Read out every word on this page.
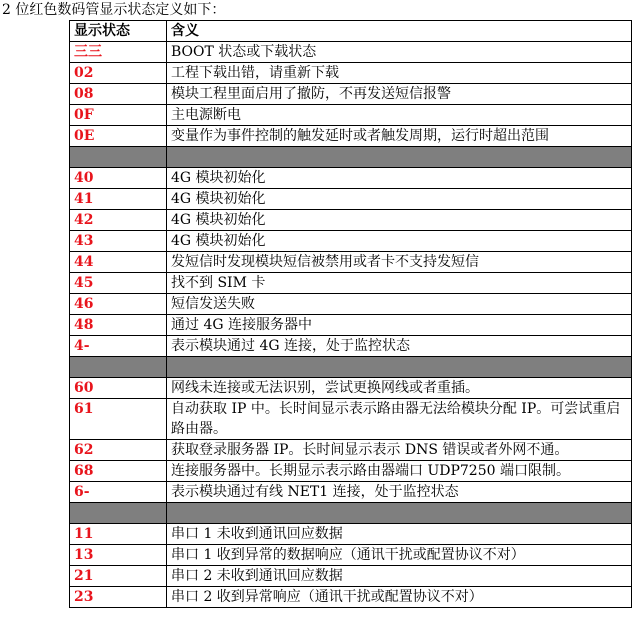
2 位红色数码管显示状态定义如下：
显示状态	含义
三三	BOOT 状态或下载状态
02	工程下载出错，请重新下载
08	模块工程里面启用了撤防，不再发送短信报警
0F	主电源断电
0E	变量作为事件控制的触发延时或者触发周期，运行时超出范围

40	4G 模块初始化
41	4G 模块初始化
42	4G 模块初始化
43	4G 模块初始化
44	发短信时发现模块短信被禁用或者卡不支持发短信
45	找不到 SIM 卡
46	短信发送失败
48	通过 4G 连接服务器中
4-	表示模块通过 4G 连接，处于监控状态

60	网线未连接或无法识别，尝试更换网线或者重插。
61	自动获取 IP 中。长时间显示表示路由器无法给模块分配 IP。可尝试重启路由器。
62	获取登录服务器 IP。长时间显示表示 DNS 错误或者外网不通。
68	连接服务器中。长期显示表示路由器端口 UDP7250 端口限制。
6-	表示模块通过有线 NET1 连接，处于监控状态

11	串口 1 未收到通讯回应数据
13	串口 1 收到异常的数据响应（通讯干扰或配置协议不对）
21	串口 2 未收到通讯回应数据
23	串口 2 收到异常响应（通讯干扰或配置协议不对）
